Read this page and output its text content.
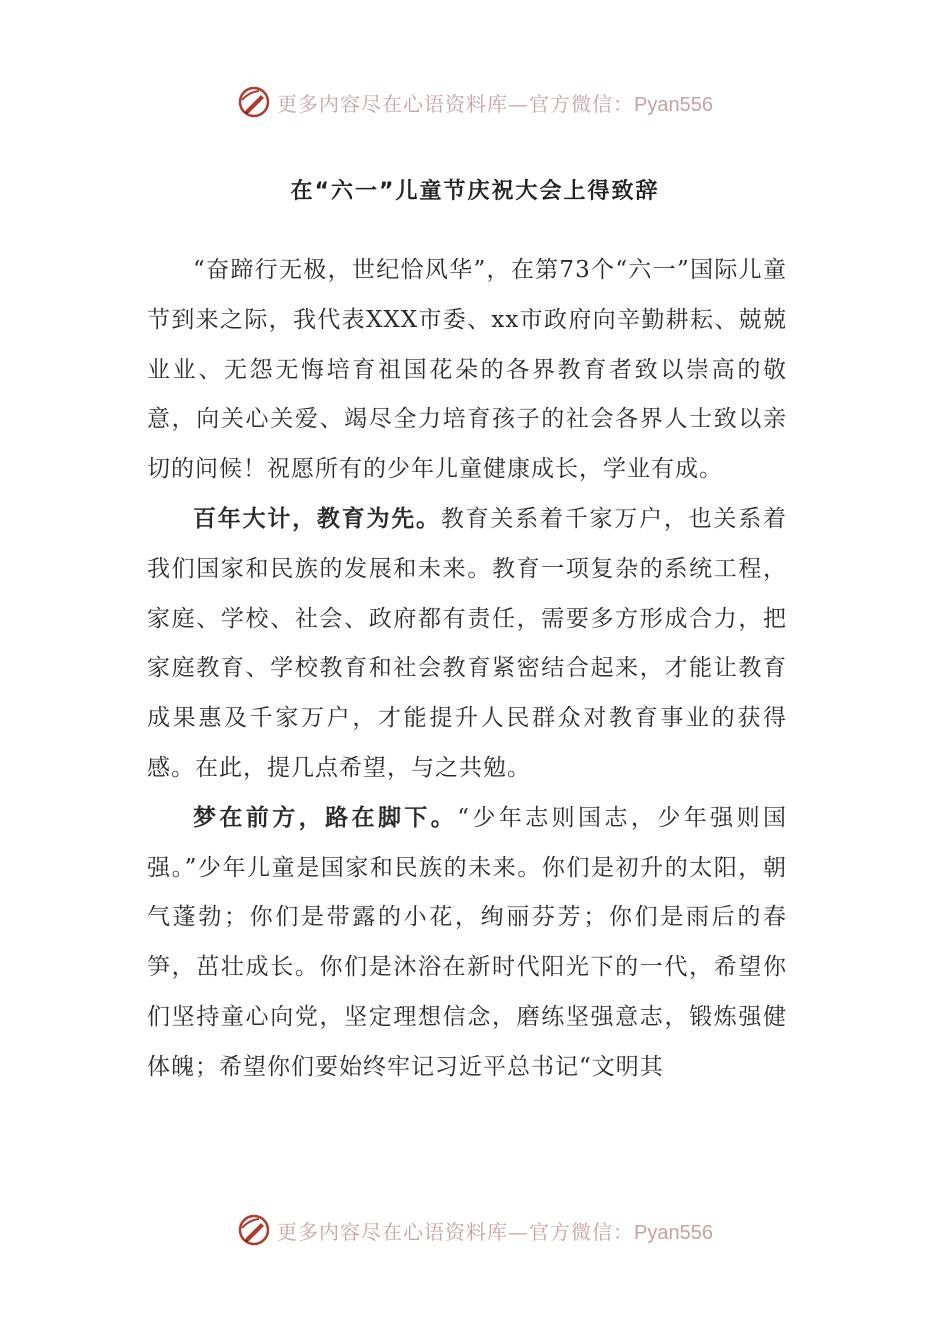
更多内容尽在心语资料库—官方微信：Pyan556
在“六一”儿童节庆祝大会上得致辞

“奋蹄行无极，世纪恰风华”，在第73个“六一”国际儿童节到来之际，我代表XXX市委、xx市政府向辛勤耕耘、兢兢业业、无怨无悔培育祖国花朵的各界教育者致以崇高的敬意，向关心关爱、竭尽全力培育孩子的社会各界人士致以亲切的问候！祝愿所有的少年儿童健康成长，学业有成。

百年大计，教育为先。教育关系着千家万户，也关系着我们国家和民族的发展和未来。教育一项复杂的系统工程，家庭、学校、社会、政府都有责任，需要多方形成合力，把家庭教育、学校教育和社会教育紧密结合起来，才能让教育成果惠及千家万户，才能提升人民群众对教育事业的获得感。在此，提几点希望，与之共勉。

梦在前方，路在脚下。“少年志则国志，少年强则国强。”少年儿童是国家和民族的未来。你们是初升的太阳，朝气蓬勃；你们是带露的小花，绚丽芬芳；你们是雨后的春笋，茁壮成长。你们是沐浴在新时代阳光下的一代，希望你们坚持童心向党，坚定理想信念，磨练坚强意志，锻炼强健体魄；希望你们要始终牢记习近平总书记“文明其

更多内容尽在心语资料库—官方微信：Pyan556
